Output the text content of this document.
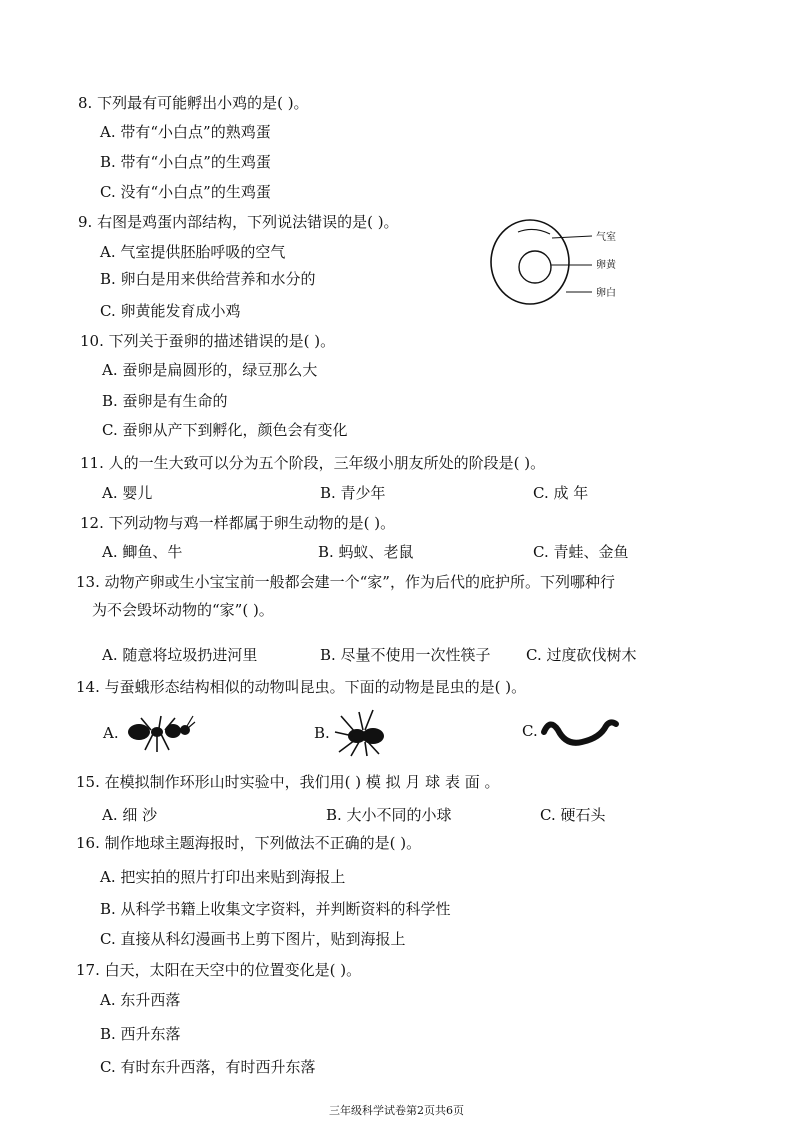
8. 下列最有可能孵出小鸡的是( )。
A. 带有“小白点”的熟鸡蛋
B. 带有“小白点”的生鸡蛋
C. 没有“小白点”的生鸡蛋
9. 右图是鸡蛋内部结构，下列说法错误的是( )。
A. 气室提供胚胎呼吸的空气
B. 卵白是用来供给营养和水分的
C. 卵黄能发育成小鸡
气室
卵黄
卵白
10. 下列关于蚕卵的描述错误的是( )。
A. 蚕卵是扁圆形的，绿豆那么大
B. 蚕卵是有生命的
C. 蚕卵从产下到孵化，颜色会有变化
11. 人的一生大致可以分为五个阶段，三年级小朋友所处的阶段是( )。
A. 婴儿	B. 青少年	C. 成 年
12. 下列动物与鸡一样都属于卵生动物的是( )。
A. 鲫鱼、牛	B. 蚂蚁、老鼠	C. 青蛙、金鱼
13. 动物产卵或生小宝宝前一般都会建一个“家”，作为后代的庇护所。下列哪种行
为不会毁坏动物的“家”( )。
A. 随意将垃圾扔进河里	B. 尽量不使用一次性筷子 C. 过度砍伐树木
14. 与蚕蛾形态结构相似的动物叫昆虫。下面的动物是昆虫的是( )。
A.	B.	C.
15. 在模拟制作环形山时实验中，我们用( ) 模 拟 月 球 表 面 。
A. 细 沙	B. 大小不同的小球	C. 硬石头
16. 制作地球主题海报时，下列做法不正确的是( )。
A. 把实拍的照片打印出来贴到海报上
B. 从科学书籍上收集文字资料，并判断资料的科学性
C. 直接从科幻漫画书上剪下图片，贴到海报上
17. 白天，太阳在天空中的位置变化是( )。
A. 东升西落
B. 西升东落
C. 有时东升西落，有时西升东落
三年级科学试卷第2页共6页
